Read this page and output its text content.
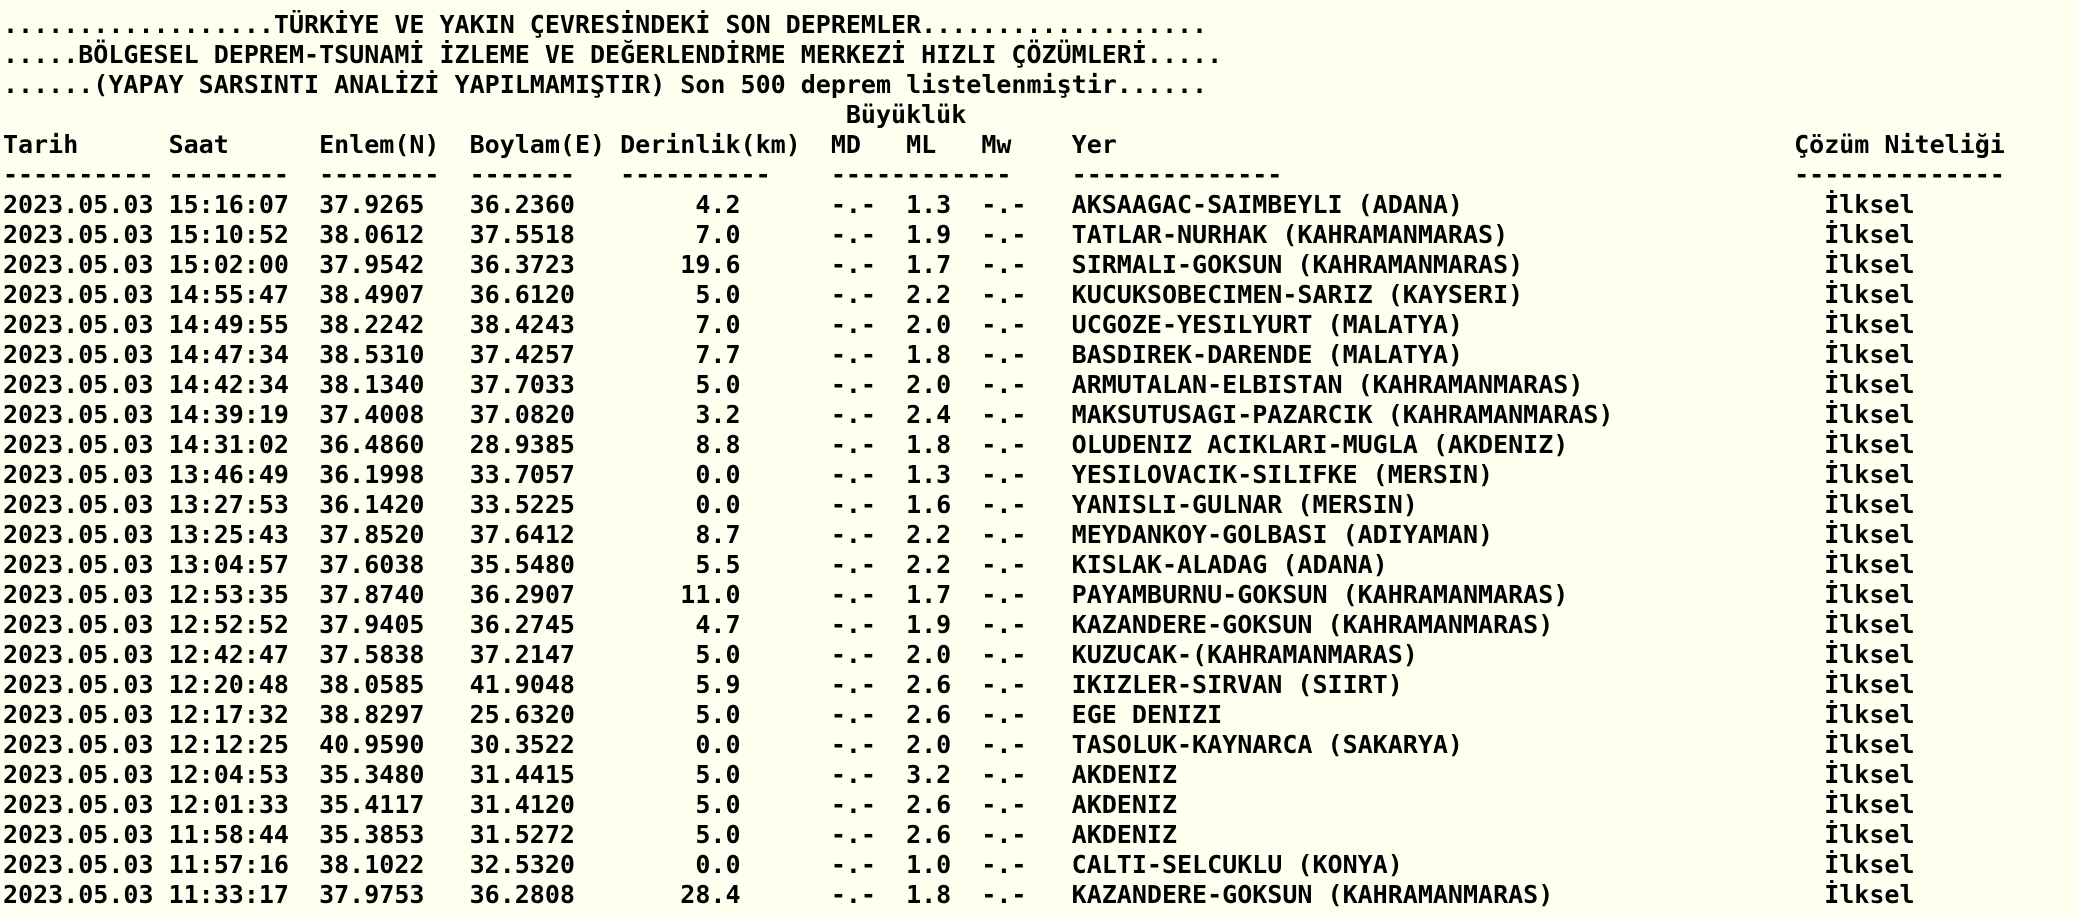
..................TÜRKİYE VE YAKIN ÇEVRESİNDEKİ SON DEPREMLER...................
.....BÖLGESEL DEPREM-TSUNAMİ İZLEME VE DEĞERLENDİRME MERKEZİ HIZLI ÇÖZÜMLERİ.....
......(YAPAY SARSINTI ANALİZİ YAPILMAMIŞTIR) Son 500 deprem listelenmiştir......
Büyüklük
Tarih      Saat      Enlem(N)  Boylam(E) Derinlik(km)  MD   ML   Mw    Yer                                             Çözüm Niteliği
---------- --------  --------  -------   ----------    ------------    --------------                                  --------------
2023.05.03 15:16:07  37.9265   36.2360        4.2      -.-  1.3  -.-   AKSAAGAC-SAIMBEYLI (ADANA)                        İlksel
2023.05.03 15:10:52  38.0612   37.5518        7.0      -.-  1.9  -.-   TATLAR-NURHAK (KAHRAMANMARAS)                     İlksel
2023.05.03 15:02:00  37.9542   36.3723       19.6      -.-  1.7  -.-   SIRMALI-GOKSUN (KAHRAMANMARAS)                    İlksel
2023.05.03 14:55:47  38.4907   36.6120        5.0      -.-  2.2  -.-   KUCUKSOBECIMEN-SARIZ (KAYSERI)                    İlksel
2023.05.03 14:49:55  38.2242   38.4243        7.0      -.-  2.0  -.-   UCGOZE-YESILYURT (MALATYA)                        İlksel
2023.05.03 14:47:34  38.5310   37.4257        7.7      -.-  1.8  -.-   BASDIREK-DARENDE (MALATYA)                        İlksel
2023.05.03 14:42:34  38.1340   37.7033        5.0      -.-  2.0  -.-   ARMUTALAN-ELBISTAN (KAHRAMANMARAS)                İlksel
2023.05.03 14:39:19  37.4008   37.0820        3.2      -.-  2.4  -.-   MAKSUTUSAGI-PAZARCIK (KAHRAMANMARAS)              İlksel
2023.05.03 14:31:02  36.4860   28.9385        8.8      -.-  1.8  -.-   OLUDENIZ ACIKLARI-MUGLA (AKDENIZ)                 İlksel
2023.05.03 13:46:49  36.1998   33.7057        0.0      -.-  1.3  -.-   YESILOVACIK-SILIFKE (MERSIN)                      İlksel
2023.05.03 13:27:53  36.1420   33.5225        0.0      -.-  1.6  -.-   YANISLI-GULNAR (MERSIN)                           İlksel
2023.05.03 13:25:43  37.8520   37.6412        8.7      -.-  2.2  -.-   MEYDANKOY-GOLBASI (ADIYAMAN)                      İlksel
2023.05.03 13:04:57  37.6038   35.5480        5.5      -.-  2.2  -.-   KISLAK-ALADAG (ADANA)                             İlksel
2023.05.03 12:53:35  37.8740   36.2907       11.0      -.-  1.7  -.-   PAYAMBURNU-GOKSUN (KAHRAMANMARAS)                 İlksel
2023.05.03 12:52:52  37.9405   36.2745        4.7      -.-  1.9  -.-   KAZANDERE-GOKSUN (KAHRAMANMARAS)                  İlksel
2023.05.03 12:42:47  37.5838   37.2147        5.0      -.-  2.0  -.-   KUZUCAK-(KAHRAMANMARAS)                           İlksel
2023.05.03 12:20:48  38.0585   41.9048        5.9      -.-  2.6  -.-   IKIZLER-SIRVAN (SIIRT)                            İlksel
2023.05.03 12:17:32  38.8297   25.6320        5.0      -.-  2.6  -.-   EGE DENIZI                                        İlksel
2023.05.03 12:12:25  40.9590   30.3522        0.0      -.-  2.0  -.-   TASOLUK-KAYNARCA (SAKARYA)                        İlksel
2023.05.03 12:04:53  35.3480   31.4415        5.0      -.-  3.2  -.-   AKDENIZ                                           İlksel
2023.05.03 12:01:33  35.4117   31.4120        5.0      -.-  2.6  -.-   AKDENIZ                                           İlksel
2023.05.03 11:58:44  35.3853   31.5272        5.0      -.-  2.6  -.-   AKDENIZ                                           İlksel
2023.05.03 11:57:16  38.1022   32.5320        0.0      -.-  1.0  -.-   CALTI-SELCUKLU (KONYA)                            İlksel
2023.05.03 11:33:17  37.9753   36.2808       28.4      -.-  1.8  -.-   KAZANDERE-GOKSUN (KAHRAMANMARAS)                  İlksel
